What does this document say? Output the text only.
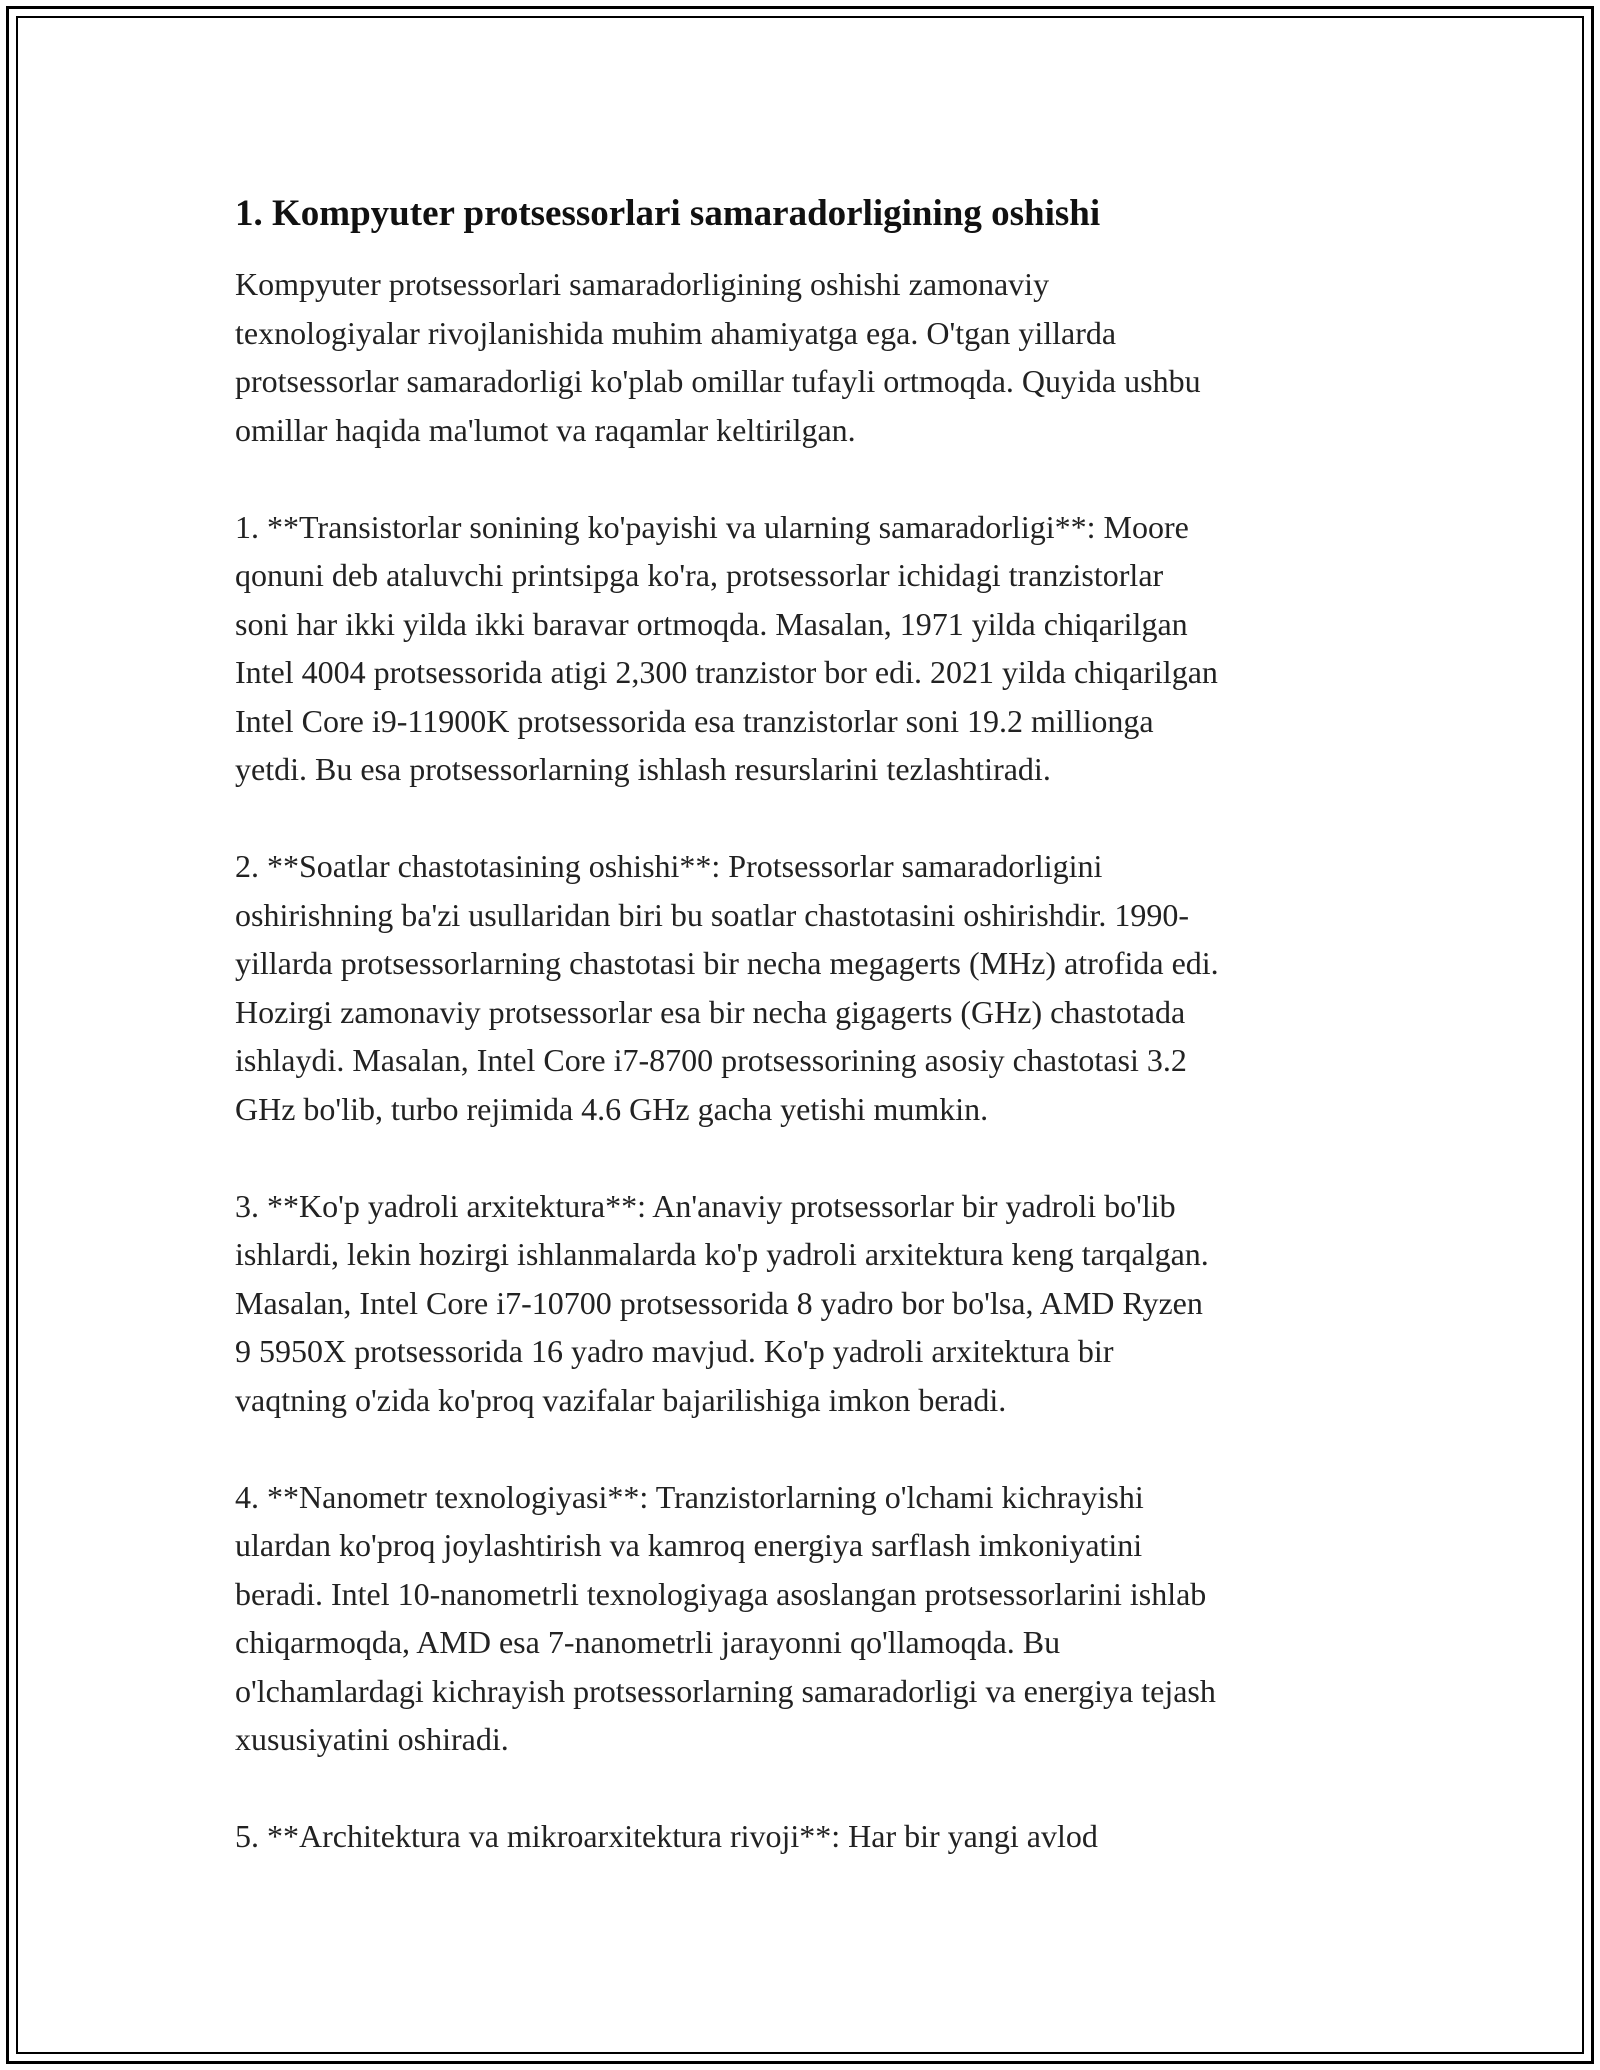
1. Kompyuter protsessorlari samaradorligining oshishi
Kompyuter protsessorlari samaradorligining oshishi zamonaviy
texnologiyalar rivojlanishida muhim ahamiyatga ega. O'tgan yillarda
protsessorlar samaradorligi ko'plab omillar tufayli ortmoqda. Quyida ushbu
omillar haqida ma'lumot va raqamlar keltirilgan.
1. **Transistorlar sonining ko'payishi va ularning samaradorligi**: Moore
qonuni deb ataluvchi printsipga ko'ra, protsessorlar ichidagi tranzistorlar
soni har ikki yilda ikki baravar ortmoqda. Masalan, 1971 yilda chiqarilgan
Intel 4004 protsessorida atigi 2,300 tranzistor bor edi. 2021 yilda chiqarilgan
Intel Core i9-11900K protsessorida esa tranzistorlar soni 19.2 millionga
yetdi. Bu esa protsessorlarning ishlash resurslarini tezlashtiradi.
2. **Soatlar chastotasining oshishi**: Protsessorlar samaradorligini
oshirishning ba'zi usullaridan biri bu soatlar chastotasini oshirishdir. 1990-
yillarda protsessorlarning chastotasi bir necha megagerts (MHz) atrofida edi.
Hozirgi zamonaviy protsessorlar esa bir necha gigagerts (GHz) chastotada
ishlaydi. Masalan, Intel Core i7-8700 protsessorining asosiy chastotasi 3.2
GHz bo'lib, turbo rejimida 4.6 GHz gacha yetishi mumkin.
3. **Ko'p yadroli arxitektura**: An'anaviy protsessorlar bir yadroli bo'lib
ishlardi, lekin hozirgi ishlanmalarda ko'p yadroli arxitektura keng tarqalgan.
Masalan, Intel Core i7-10700 protsessorida 8 yadro bor bo'lsa, AMD Ryzen
9 5950X protsessorida 16 yadro mavjud. Ko'p yadroli arxitektura bir
vaqtning o'zida ko'proq vazifalar bajarilishiga imkon beradi.
4. **Nanometr texnologiyasi**: Tranzistorlarning o'lchami kichrayishi
ulardan ko'proq joylashtirish va kamroq energiya sarflash imkoniyatini
beradi. Intel 10-nanometrli texnologiyaga asoslangan protsessorlarini ishlab
chiqarmoqda, AMD esa 7-nanometrli jarayonni qo'llamoqda. Bu
o'lchamlardagi kichrayish protsessorlarning samaradorligi va energiya tejash
xususiyatini oshiradi.
5. **Architektura va mikroarxitektura rivoji**: Har bir yangi avlod
